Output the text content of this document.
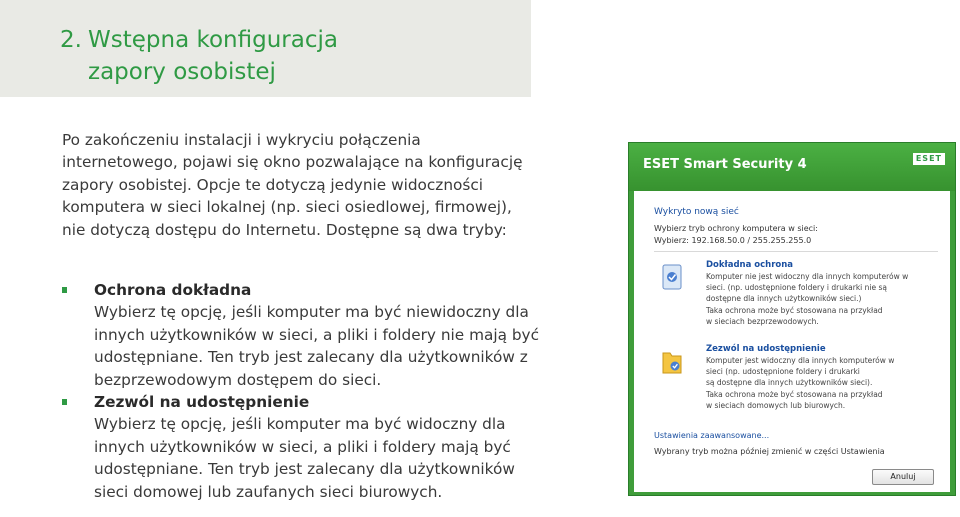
2. Wstępna konfiguracja
zapory osobistej

Po zakończeniu instalacji i wykryciu połączenia internetowego, pojawi się okno pozwalające na konfigurację zapory osobistej. Opcje te dotyczą jedynie widoczności komputera w sieci lokalnej (np. sieci osiedlowej, firmowej), nie dotyczą dostępu do Internetu. Dostępne są dwa tryby:

Ochrona dokładna
Wybierz tę opcję, jeśli komputer ma być niewidoczny dla innych użytkowników w sieci, a pliki i foldery nie mają być udostępniane. Ten tryb jest zalecany dla użytkowników z bezprzewodowym dostępem do sieci.
Zezwól na udostępnienie
Wybierz tę opcję, jeśli komputer ma być widoczny dla innych użytkowników w sieci, a pliki i foldery mają być udostępniane. Ten tryb jest zalecany dla użytkowników sieci domowej lub zaufanych sieci biurowych.
ESET Smart Security 4	ESET
Wykryto nową sieć
Wybierz tryb ochrony komputera w sieci:
Wybierz: 192.168.50.0 / 255.255.255.0
Dokładna ochrona
Komputer nie jest widoczny dla innych komputerów w
sieci. (np. udostępnione foldery i drukarki nie są
dostępne dla innych użytkowników sieci.)
Taka ochrona może być stosowana na przykład
w sieciach bezprzewodowych.
Zezwól na udostępnienie
Komputer jest widoczny dla innych komputerów w
sieci (np. udostępnione foldery i drukarki
są dostępne dla innych użytkowników sieci).
Taka ochrona może być stosowana na przykład
w sieciach domowych lub biurowych.
Ustawienia zaawansowane...
Wybrany tryb można później zmienić w części Ustawienia
Anuluj
